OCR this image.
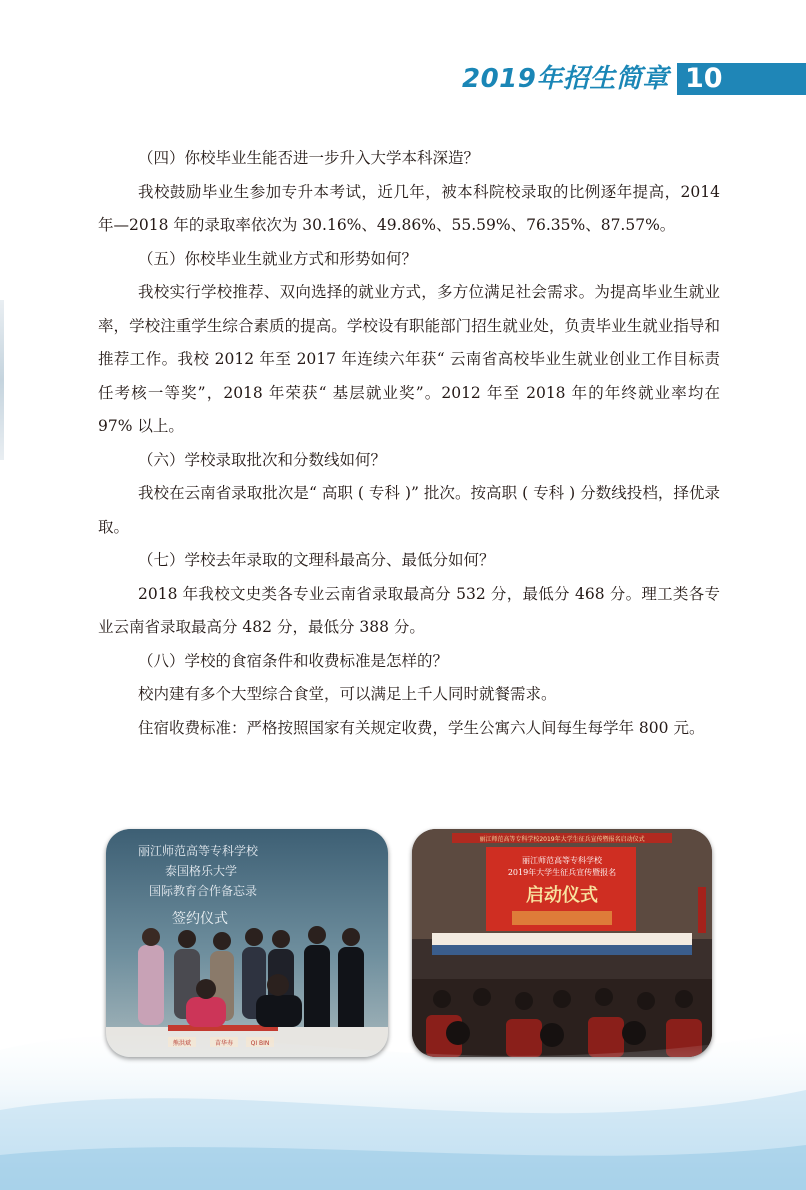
2019年招生简章 10

（四）你校毕业生能否进一步升入大学本科深造？

我校鼓励毕业生参加专升本考试，近几年，被本科院校录取的比例逐年提高，2014 年—2018 年的录取率依次为 30.16%、49.86%、55.59%、76.35%、87.57%。

（五）你校毕业生就业方式和形势如何？

我校实行学校推荐、双向选择的就业方式，多方位满足社会需求。为提高毕业生就业率，学校注重学生综合素质的提高。学校设有职能部门招生就业处，负责毕业生就业指导和推荐工作。我校 2012 年至 2017 年连续六年获“ 云南省高校毕业生就业创业工作目标责任考核一等奖”，2018 年荣获“ 基层就业奖”。2012 年至 2018 年的年终就业率均在 97% 以上。

（六）学校录取批次和分数线如何？

我校在云南省录取批次是“ 高职 ( 专科 )” 批次。按高职 ( 专科 ) 分数线投档，择优录取。

（七）学校去年录取的文理科最高分、最低分如何？

2018 年我校文史类各专业云南省录取最高分 532 分，最低分 468 分。理工类各专业云南省录取最高分 482 分，最低分 388 分。

（八）学校的食宿条件和收费标准是怎样的？

校内建有多个大型综合食堂，可以满足上千人同时就餐需求。

住宿收费标准：严格按照国家有关规定收费，学生公寓六人间每生每学年 800 元。

丽江师范高等专科学校
泰国格乐大学
国际教育合作备忘录
签约仪式
丽江师范高等专科学校2019年大学生征兵宣传暨报名启动仪式
丽江师范高等专科学校
2019年大学生征兵宣传暨报名
启动仪式
